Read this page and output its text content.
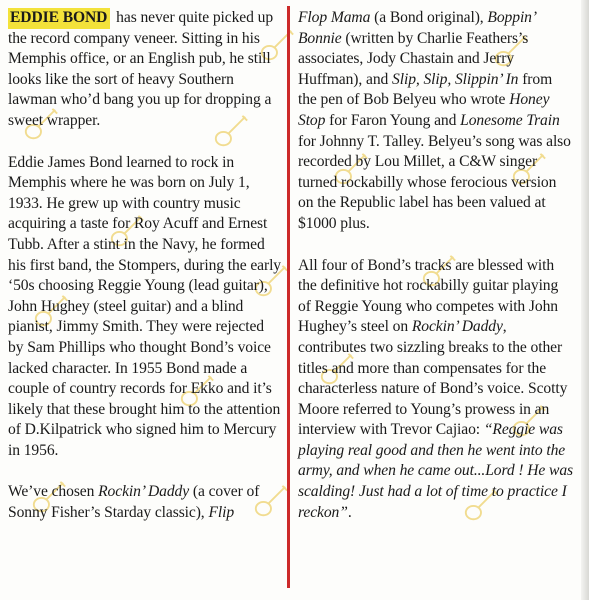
EDDIE BOND has never quite picked up the record company veneer. Sitting in his Memphis office, or an English pub, he still looks like the sort of heavy Southern lawman who’d bang you up for dropping a sweet wrapper.

Eddie James Bond learned to rock in Memphis where he was born on July 1, 1933. He grew up with country music acquiring a taste for Roy Acuff and Ernest Tubb. After a stint in the Navy, he formed his first band, the Stompers, during the early ‘50s choosing Reggie Young (lead guitar), John Hughey (steel guitar) and a blind pianist, Jimmy Smith. They were rejected by Sam Phillips who thought Bond’s voice lacked character. In 1955 Bond made a couple of country records for Ekko and it’s likely that these brought him to the attention of D.Kilpatrick who signed him to Mercury in 1956.

We’ve chosen Rockin’ Daddy (a cover of Sonny Fisher’s Starday classic), Flip

Flop Mama (a Bond original), Boppin’ Bonnie (written by Charlie Feathers’s associates, Jody Chastain and Jerry Huffman), and Slip, Slip, Slippin’ In from the pen of Bob Belyeu who wrote Honey Stop for Faron Young and Lonesome Train for Johnny T. Talley. Belyeu’s song was also recorded by Lou Millet, a C&W singer turned rockabilly whose ferocious version on the Republic label has been valued at $1000 plus.

All four of Bond’s tracks are blessed with the definitive hot rockabilly guitar playing of Reggie Young who competes with John Hughey’s steel on Rockin’ Daddy, contributes two sizzling breaks to the other titles and more than compensates for the characterless nature of Bond’s voice. Scotty Moore referred to Young’s prowess in an interview with Trevor Cajiao: “Reggie was playing real good and then he went into the army, and when he came out...Lord ! He was scalding! Just had a lot of time to practice I reckon”.
